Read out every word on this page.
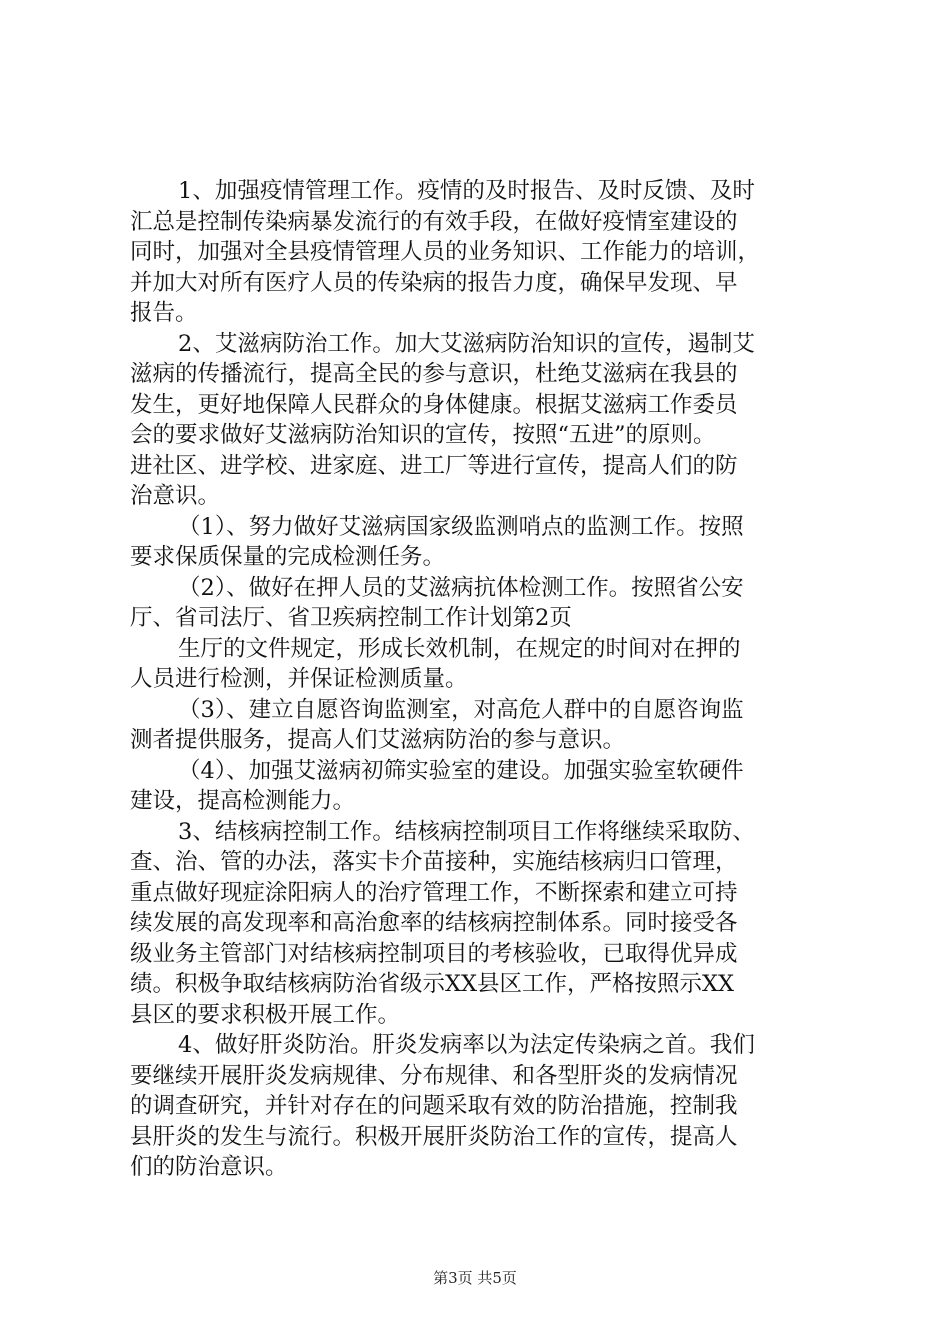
1、加强疫情管理工作。疫情的及时报告、及时反馈、及时
汇总是控制传染病暴发流行的有效手段，在做好疫情室建设的
同时，加强对全县疫情管理人员的业务知识、工作能力的培训，
并加大对所有医疗人员的传染病的报告力度，确保早发现、早
报告。
2、艾滋病防治工作。加大艾滋病防治知识的宣传，遏制艾
滋病的传播流行，提高全民的参与意识，杜绝艾滋病在我县的
发生，更好地保障人民群众的身体健康。根据艾滋病工作委员
会的要求做好艾滋病防治知识的宣传，按照“五进”的原则。
进社区、进学校、进家庭、进工厂等进行宣传，提高人们的防
治意识。
（1）、努力做好艾滋病国家级监测哨点的监测工作。按照
要求保质保量的完成检测任务。
（2）、做好在押人员的艾滋病抗体检测工作。按照省公安
厅、省司法厅、省卫疾病控制工作计划第2页
生厅的文件规定，形成长效机制，在规定的时间对在押的
人员进行检测，并保证检测质量。
（3）、建立自愿咨询监测室，对高危人群中的自愿咨询监
测者提供服务，提高人们艾滋病防治的参与意识。
（4）、加强艾滋病初筛实验室的建设。加强实验室软硬件
建设，提高检测能力。
3、结核病控制工作。结核病控制项目工作将继续采取防、
查、治、管的办法，落实卡介苗接种，实施结核病归口管理，
重点做好现症涂阳病人的治疗管理工作，不断探索和建立可持
续发展的高发现率和高治愈率的结核病控制体系。同时接受各
级业务主管部门对结核病控制项目的考核验收，已取得优异成
绩。积极争取结核病防治省级示XX县区工作，严格按照示XX
县区的要求积极开展工作。
4、做好肝炎防治。肝炎发病率以为法定传染病之首。我们
要继续开展肝炎发病规律、分布规律、和各型肝炎的发病情况
的调查研究，并针对存在的问题采取有效的防治措施，控制我
县肝炎的发生与流行。积极开展肝炎防治工作的宣传，提高人
们的防治意识。
第3页 共5页
